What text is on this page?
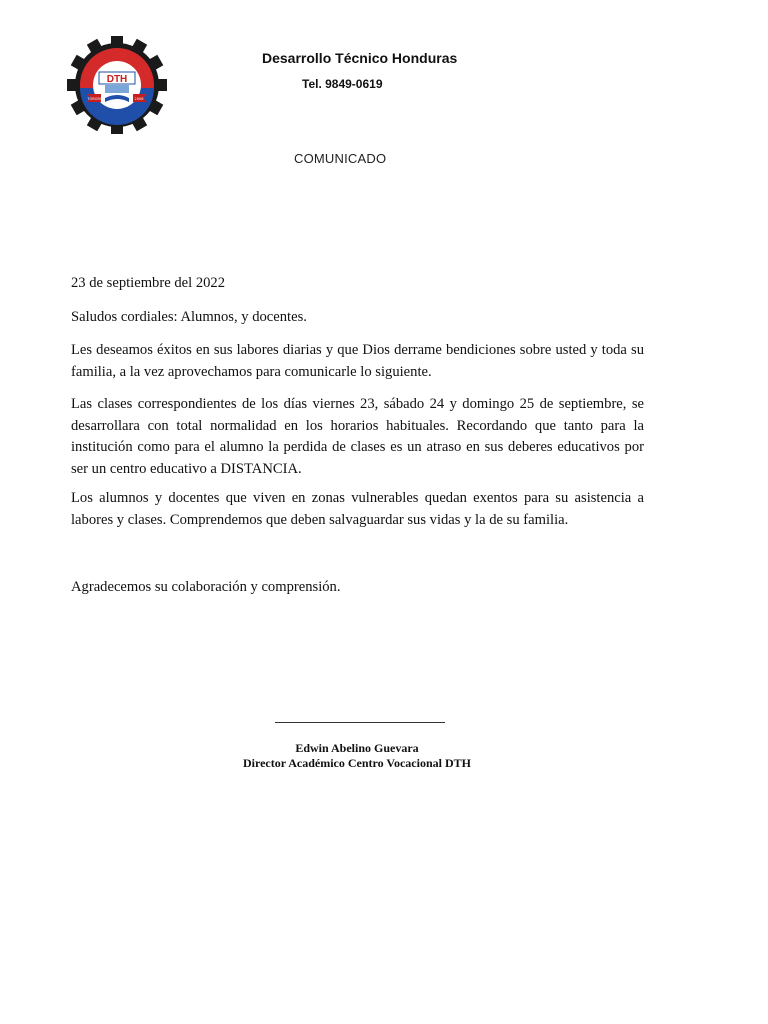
DTH
TORORO	2006
Desarrollo Técnico Honduras
Tel. 9849-0619
COMUNICADO

23 de septiembre del 2022

Saludos cordiales: Alumnos, y docentes.

Les deseamos éxitos en sus labores diarias y que Dios derrame bendiciones sobre usted y toda su familia, a la vez aprovechamos para comunicarle lo siguiente.

Las clases correspondientes de los días viernes 23, sábado 24 y domingo 25 de septiembre, se desarrollara con total normalidad en los horarios habituales. Recordando que tanto para la institución como para el alumno la perdida de clases es un atraso en sus deberes educativos por ser un centro educativo a DISTANCIA.

Los alumnos y docentes que viven en zonas vulnerables quedan exentos para su asistencia a labores y clases. Comprendemos que deben salvaguardar sus vidas y la de su familia.

Agradecemos su colaboración y comprensión.

Edwin Abelino Guevara
Director Académico Centro Vocacional DTH
